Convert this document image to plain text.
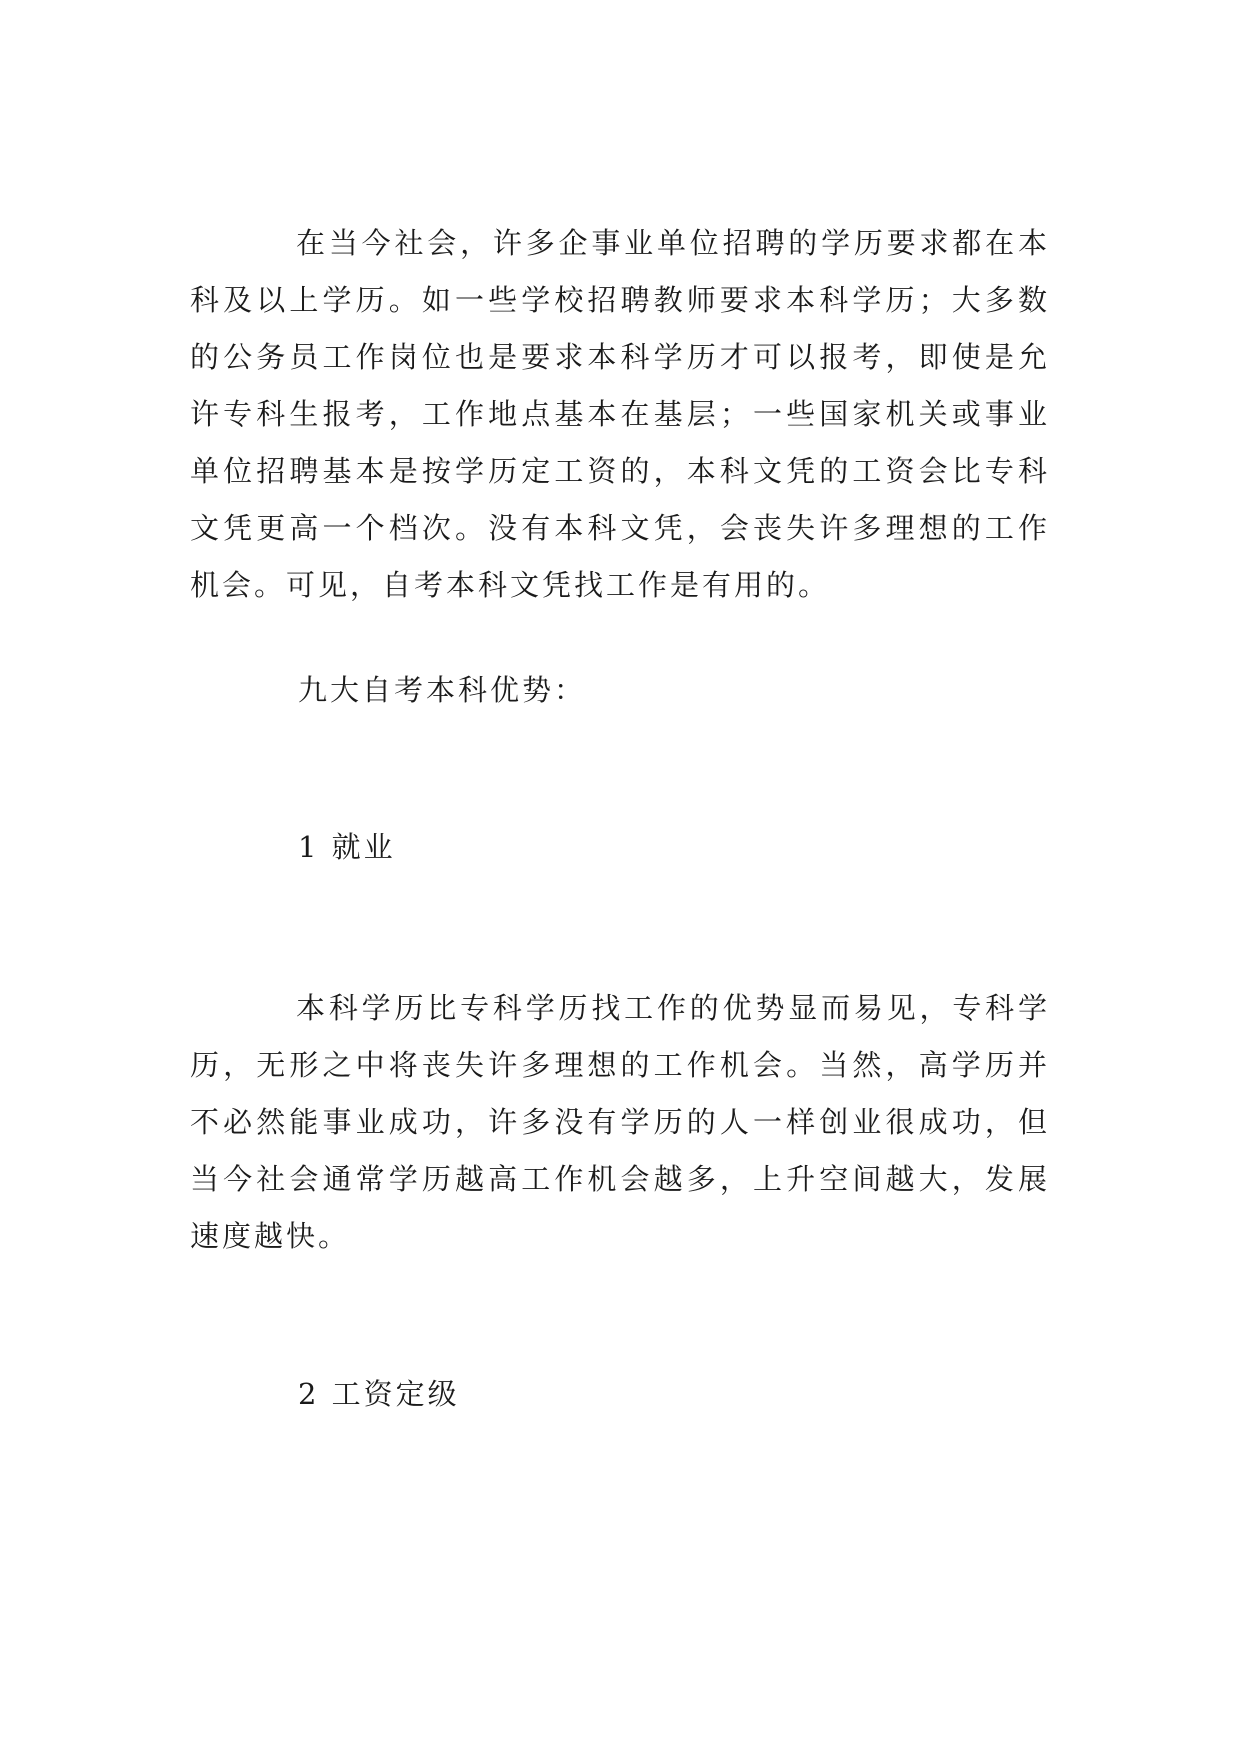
在当今社会，许多企事业单位招聘的学历要求都在本
科及以上学历。如一些学校招聘教师要求本科学历；大多数
的公务员工作岗位也是要求本科学历才可以报考，即使是允
许专科生报考，工作地点基本在基层；一些国家机关或事业
单位招聘基本是按学历定工资的，本科文凭的工资会比专科
文凭更高一个档次。没有本科文凭，会丧失许多理想的工作
机会。可见，自考本科文凭找工作是有用的。

九大自考本科优势：

1 就业

本科学历比专科学历找工作的优势显而易见，专科学
历，无形之中将丧失许多理想的工作机会。当然，高学历并
不必然能事业成功，许多没有学历的人一样创业很成功，但
当今社会通常学历越高工作机会越多，上升空间越大，发展
速度越快。

2 工资定级
